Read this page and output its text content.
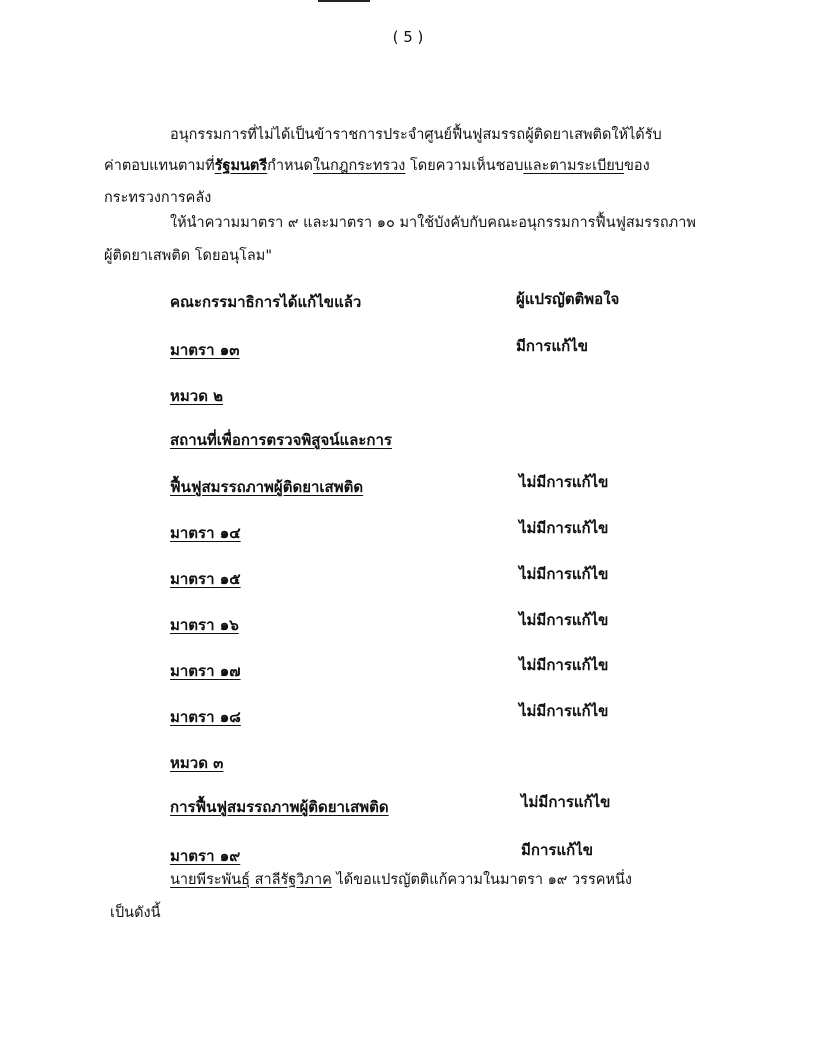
( 5 )
อนุกรรมการที่ไม่ได้เป็นข้าราชการประจำศูนย์ฟื้นฟูสมรรถผู้ติดยาเสพติดให้ได้รับ
ค่าตอบแทนตามที่รัฐมนตรีกำหนดในกฎกระทรวง โดยความเห็นชอบและตามระเบียบของ
กระทรวงการคลัง
ให้นำความมาตรา ๙ และมาตรา ๑๐ มาใช้บังคับกับคณะอนุกรรมการฟื้นฟูสมรรถภาพ
ผู้ติดยาเสพติด โดยอนุโลม"
คณะกรรมาธิการได้แก้ไขแล้ว	ผู้แปรญัตติพอใจ
มาตรา ๑๓	มีการแก้ไข
หมวด ๒
สถานที่เพื่อการตรวจพิสูจน์และการ
ฟื้นฟูสมรรถภาพผู้ติดยาเสพติด	ไม่มีการแก้ไข
มาตรา ๑๔	ไม่มีการแก้ไข
มาตรา ๑๕	ไม่มีการแก้ไข
มาตรา ๑๖	ไม่มีการแก้ไข
มาตรา ๑๗	ไม่มีการแก้ไข
มาตรา ๑๘	ไม่มีการแก้ไข
หมวด ๓
การฟื้นฟูสมรรถภาพผู้ติดยาเสพติด	ไม่มีการแก้ไข
มาตรา ๑๙	มีการแก้ไข
นายพีระพันธุ์ สาลีรัฐวิภาค ได้ขอแปรญัตติแก้ความในมาตรา ๑๙ วรรคหนึ่ง
เป็นดังนี้
